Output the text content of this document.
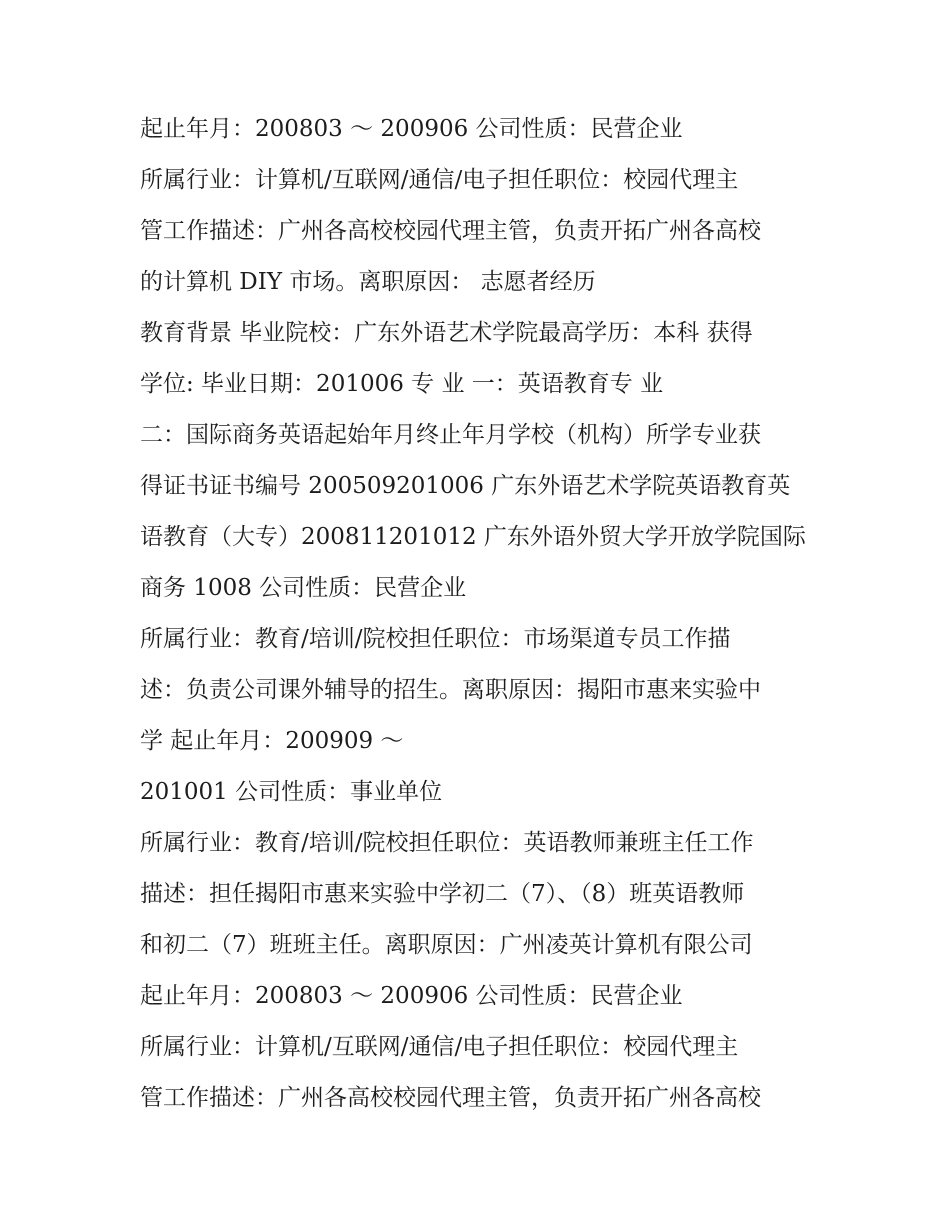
起止年月：200803 ～ 200906 公司性质：民营企业
所属行业：计算机/互联网/通信/电子担任职位：校园代理主
管工作描述：广州各高校校园代理主管，负责开拓广州各高校
的计算机 DIY 市场。离职原因： 志愿者经历
教育背景 毕业院校：广东外语艺术学院最高学历：本科 获得
学位: 毕业日期：201006 专 业 一：英语教育专 业
二：国际商务英语起始年月终止年月学校（机构）所学专业获
得证书证书编号 200509201006 广东外语艺术学院英语教育英
语教育（大专）200811201012 广东外语外贸大学开放学院国际
商务 1008 公司性质：民营企业
所属行业：教育/培训/院校担任职位：市场渠道专员工作描
述：负责公司课外辅导的招生。离职原因：揭阳市惠来实验中
学 起止年月：200909 ～
201001 公司性质：事业单位
所属行业：教育/培训/院校担任职位：英语教师兼班主任工作
描述：担任揭阳市惠来实验中学初二（7）、（8）班英语教师
和初二（7）班班主任。离职原因：广州凌英计算机有限公司
起止年月：200803 ～ 200906 公司性质：民营企业
所属行业：计算机/互联网/通信/电子担任职位：校园代理主
管工作描述：广州各高校校园代理主管，负责开拓广州各高校
